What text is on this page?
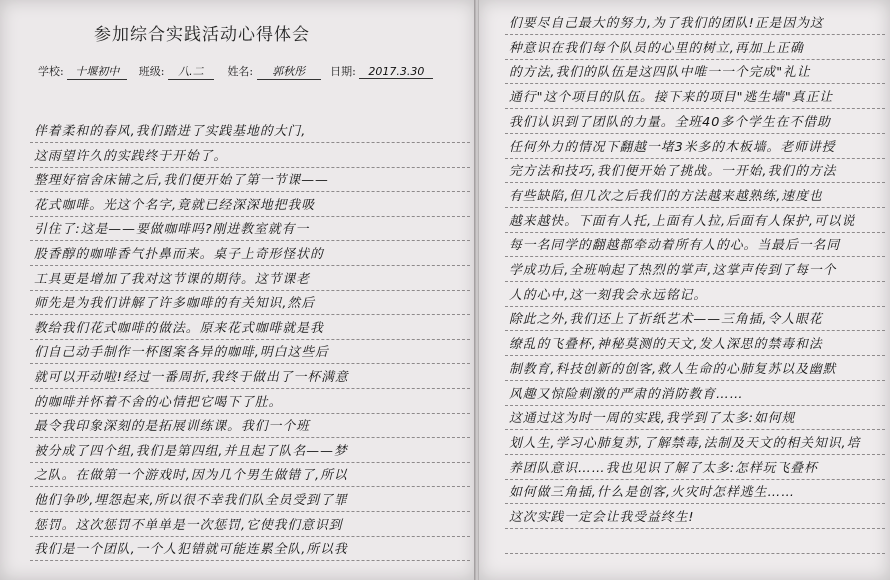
参加综合实践活动心得体会
学校: 十堰初中 班级: 八.二 姓名: 郭秋彤 日期: 2017.3.30
伴着柔和的春风,我们踏进了实践基地的大门,
这雨望许久的实践终于开始了。
整理好宿舍床铺之后,我们便开始了第一节课——
花式咖啡。光这个名字,竟就已经深深地把我吸
引住了:这是——要做咖啡吗?刚进教室就有一
股香醇的咖啡香气扑鼻而来。桌子上奇形怪状的
工具更是增加了我对这节课的期待。这节课老
师先是为我们讲解了许多咖啡的有关知识,然后
教给我们花式咖啡的做法。原来花式咖啡就是我
们自己动手制作一杯图案各异的咖啡,明白这些后
就可以开动啦!经过一番周折,我终于做出了一杯满意
的咖啡并怀着不舍的心情把它喝下了肚。
最令我印象深刻的是拓展训练课。我们一个班
被分成了四个组,我们是第四组,并且起了队名——梦
之队。在做第一个游戏时,因为几个男生做错了,所以
他们争吵,埋怨起来,所以很不幸我们队全员受到了罪
惩罚。这次惩罚不单单是一次惩罚,它使我们意识到
我们是一个团队,一个人犯错就可能连累全队,所以我
们要尽自己最大的努力,为了我们的团队!正是因为这
种意识在我们每个队员的心里的树立,再加上正确
的方法,我们的队伍是这四队中唯一一个完成"礼让
通行"这个项目的队伍。接下来的项目"逃生墙"真正让
我们认识到了团队的力量。全班40多个学生在不借助
任何外力的情况下翻越一堵3米多的木板墙。老师讲授
完方法和技巧,我们便开始了挑战。一开始,我们的方法
有些缺陷,但几次之后我们的方法越来越熟练,速度也
越来越快。下面有人托,上面有人拉,后面有人保护,可以说
每一名同学的翻越都牵动着所有人的心。当最后一名同
学成功后,全班响起了热烈的掌声,这掌声传到了每一个
人的心中,这一刻我会永远铭记。
除此之外,我们还上了折纸艺术——三角插,令人眼花
缭乱的飞叠杯,神秘莫测的天文,发人深思的禁毒和法
制教育,科技创新的创客,救人生命的心肺复苏以及幽默
风趣又惊险刺激的严肃的消防教育……
这通过这为时一周的实践,我学到了太多:如何规
划人生,学习心肺复苏,了解禁毒,法制及天文的相关知识,培
养团队意识……我也见识了解了太多:怎样玩飞叠杯
如何做三角插,什么是创客,火灾时怎样逃生……
这次实践一定会让我受益终生!
